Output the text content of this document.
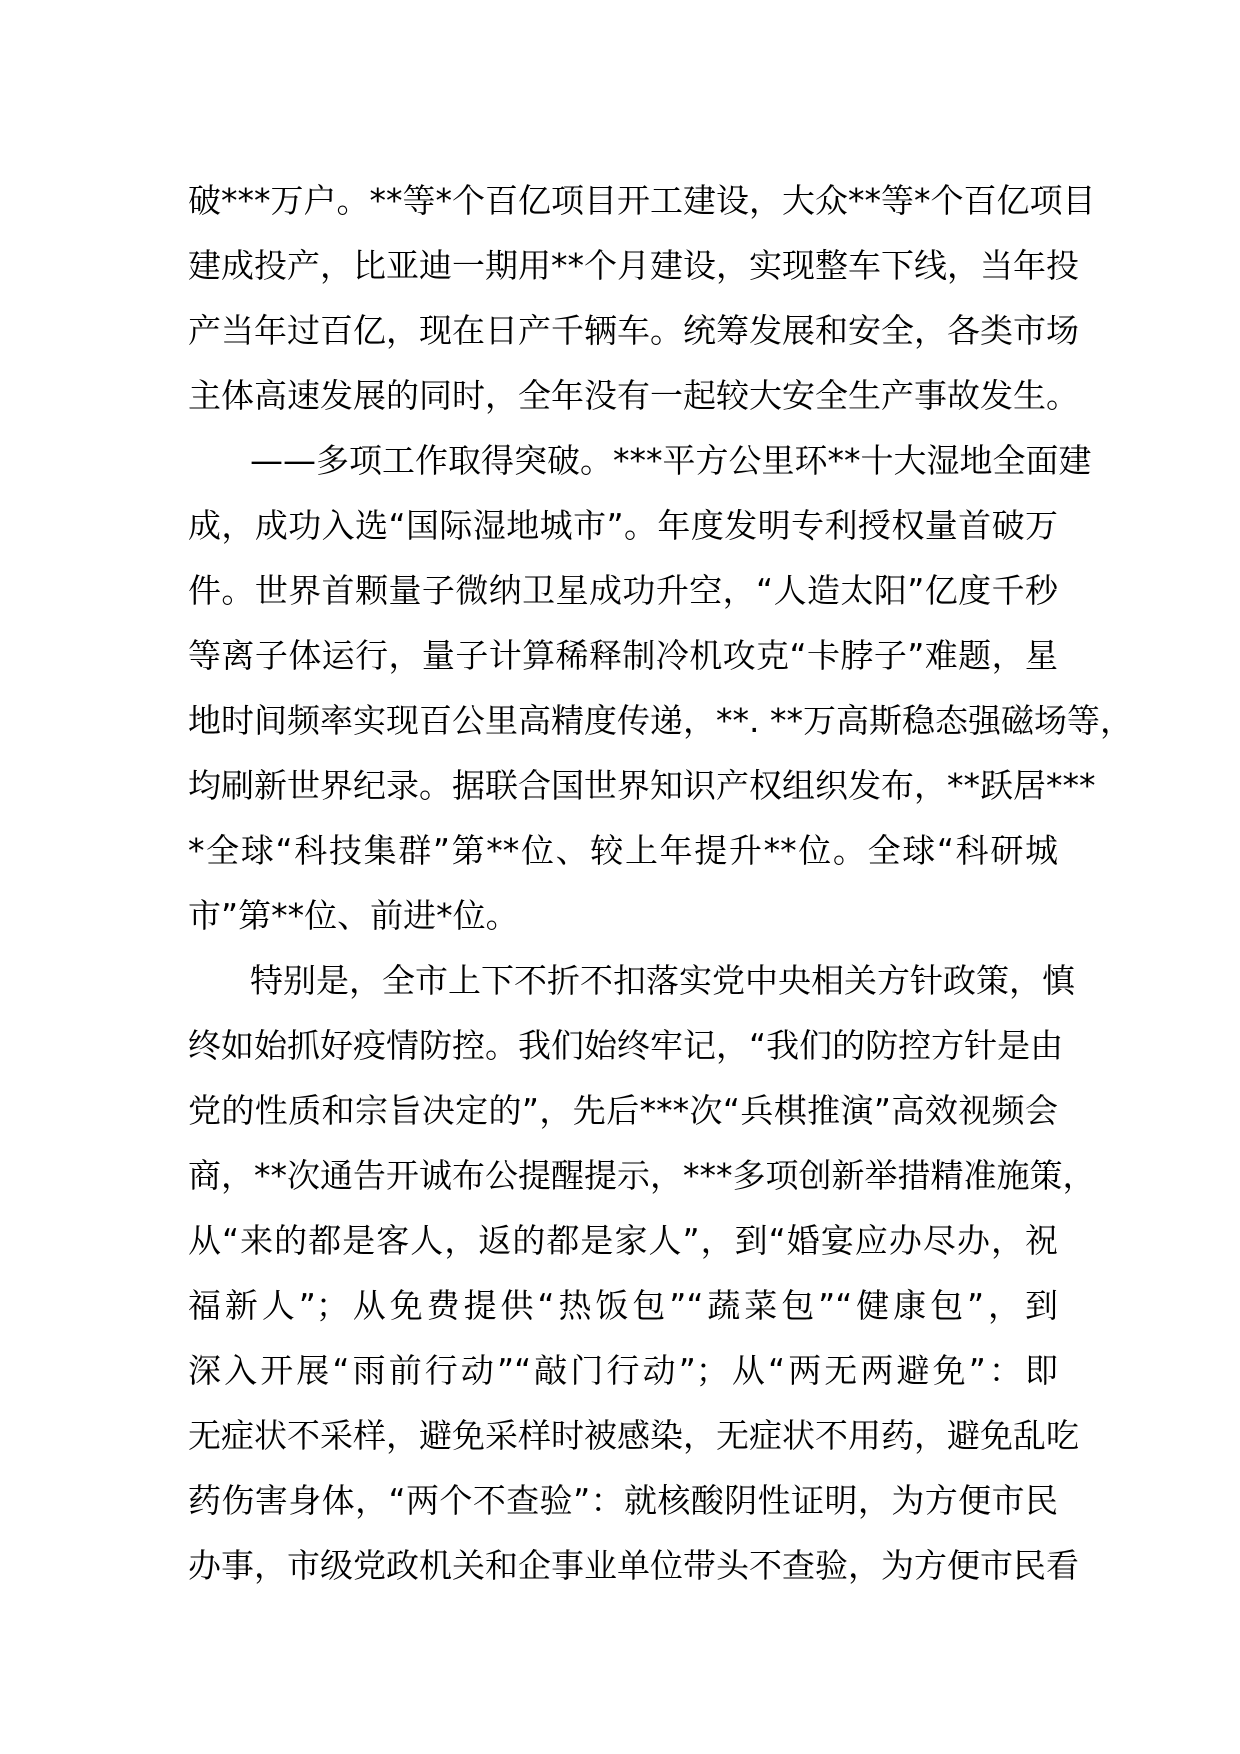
破***万户。**等*个百亿项目开工建设，大众**等*个百亿项目
建成投产，比亚迪一期用**个月建设，实现整车下线，当年投
产当年过百亿，现在日产千辆车。统筹发展和安全，各类市场
主体高速发展的同时，全年没有一起较大安全生产事故发生。
——多项工作取得突破。***平方公里环**十大湿地全面建
成，成功入选“国际湿地城市”。年度发明专利授权量首破万
件。世界首颗量子微纳卫星成功升空，“人造太阳”亿度千秒
等离子体运行，量子计算稀释制冷机攻克“卡脖子”难题，星
地时间频率实现百公里高精度传递，**. **万高斯稳态强磁场等，
均刷新世界纪录。据联合国世界知识产权组织发布，**跃居***
*全球“科技集群”第**位、较上年提升**位。全球“科研城
市”第**位、前进*位。
特别是，全市上下不折不扣落实党中央相关方针政策，慎
终如始抓好疫情防控。我们始终牢记，“我们的防控方针是由
党的性质和宗旨决定的”，先后***次“兵棋推演”高效视频会
商，**次通告开诚布公提醒提示，***多项创新举措精准施策，
从“来的都是客人，返的都是家人”，到“婚宴应办尽办，祝
福新人”；从免费提供“热饭包”“蔬菜包”“健康包”，到
深入开展“雨前行动”“敲门行动”；从“两无两避免”：即
无症状不采样，避免采样时被感染，无症状不用药，避免乱吃
药伤害身体，“两个不查验”：就核酸阴性证明，为方便市民
办事，市级党政机关和企事业单位带头不查验，为方便市民看
